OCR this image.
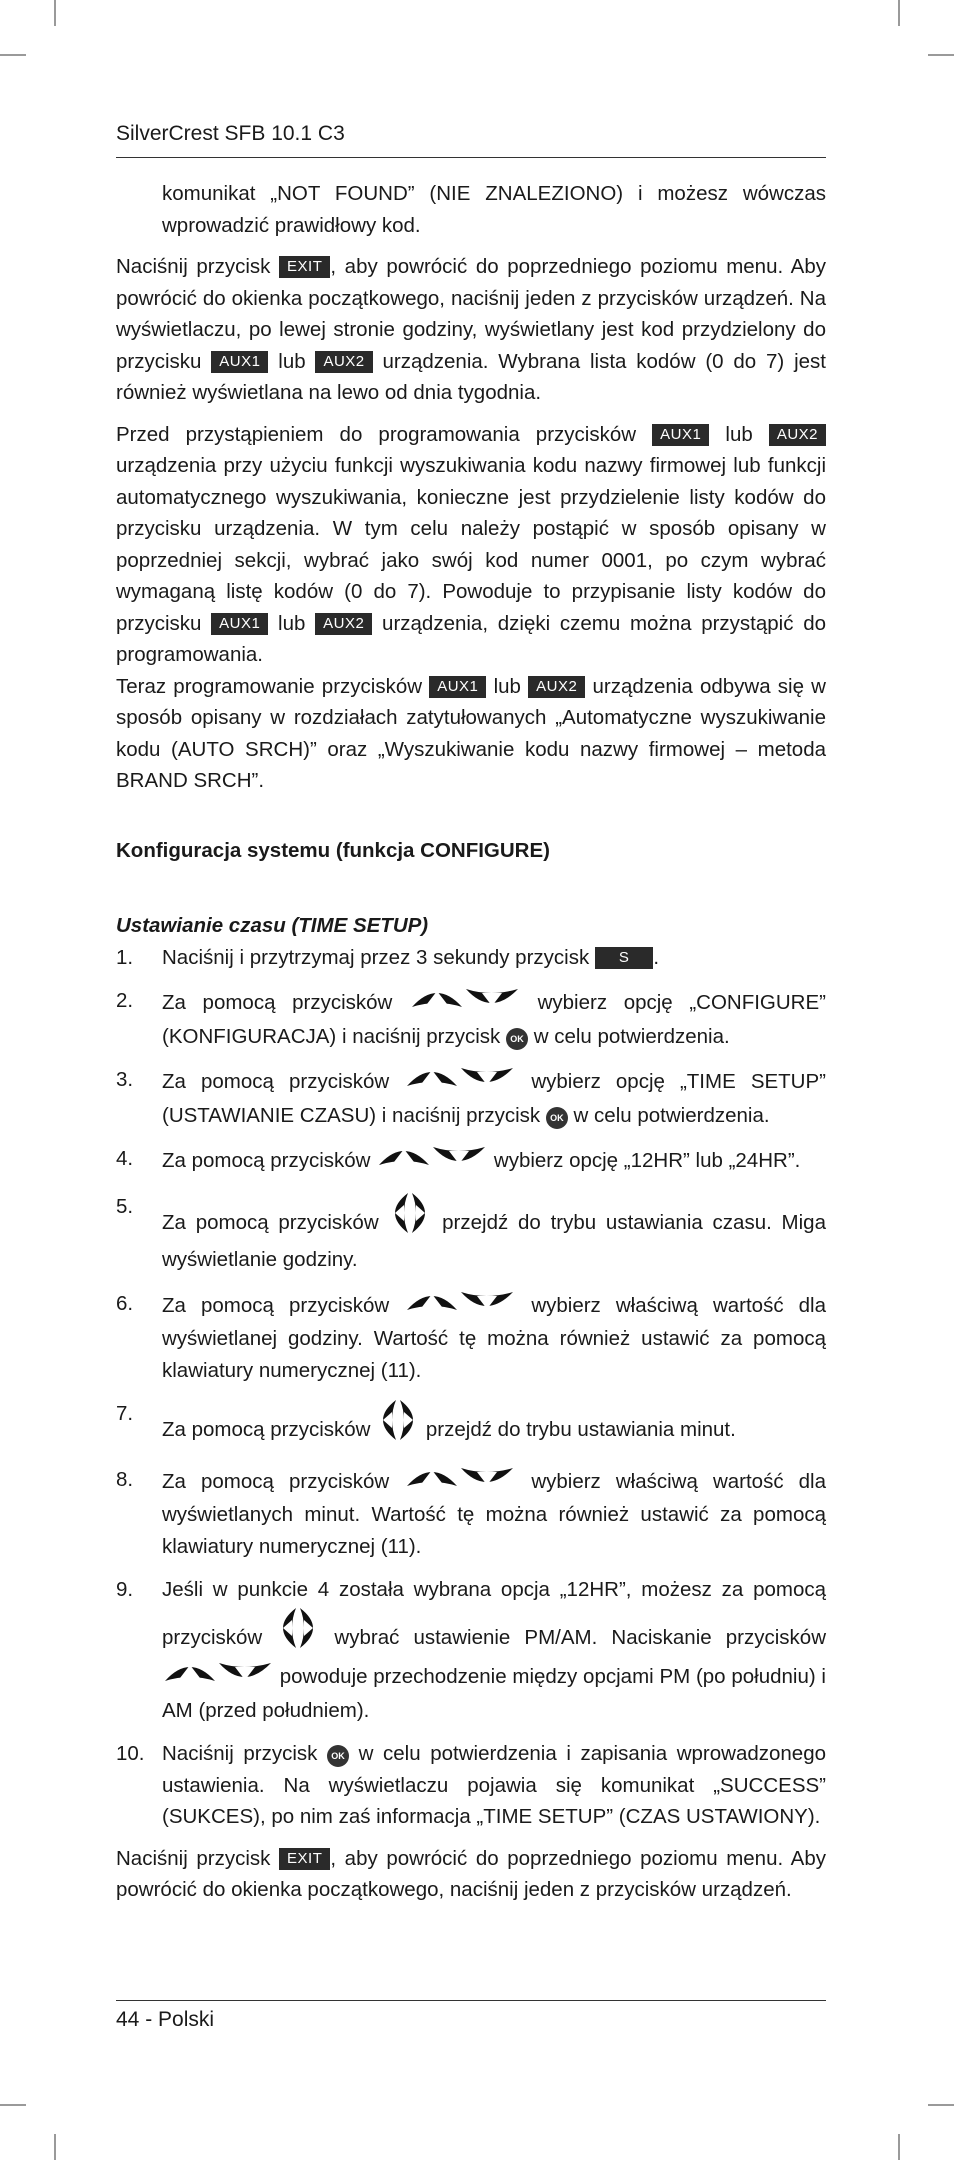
SilverCrest SFB 10.1 C3

komunikat „NOT FOUND” (NIE ZNALEZIONO) i możesz wówczas wprowadzić prawidłowy kod.

Naciśnij przycisk EXIT , aby powrócić do poprzedniego poziomu menu. Aby powrócić do okienka początkowego, naciśnij jeden z przycisków urządzeń. Na wyświetlaczu, po lewej stronie godziny, wyświetlany jest kod przydzielony do przycisku AUX1 lub AUX2 urządzenia. Wybrana lista kodów (0 do 7) jest również wyświetlana na lewo od dnia tygodnia.

Przed przystąpieniem do programowania przycisków AUX1 lub AUX2 urządzenia przy użyciu funkcji wyszukiwania kodu nazwy firmowej lub funkcji automatycznego wyszukiwania, konieczne jest przydzielenie listy kodów do przycisku urządzenia. W tym celu należy postąpić w sposób opisany w poprzedniej sekcji, wybrać jako swój kod numer 0001, po czym wybrać wymaganą listę kodów (0 do 7). Powoduje to przypisanie listy kodów do przycisku AUX1 lub AUX2 urządzenia, dzięki czemu można przystąpić do programowania.

Teraz programowanie przycisków AUX1 lub AUX2 urządzenia odbywa się w sposób opisany w rozdziałach zatytułowanych „Automatyczne wyszukiwanie kodu (AUTO SRCH)” oraz „Wyszukiwanie kodu nazwy firmowej – metoda BRAND SRCH”.

Konfiguracja systemu (funkcja CONFIGURE)

Ustawianie czasu (TIME SETUP)

1. Naciśnij i przytrzymaj przez 3 sekundy przycisk S .
2. Za pomocą przycisków	wybierz opcję „CONFIGURE” (KONFIGURACJA) i naciśnij przycisk OK w celu potwierdzenia.
3. Za pomocą przycisków	wybierz opcję „TIME SETUP” (USTAWIANIE CZASU) i naciśnij przycisk OK w celu potwierdzenia.
4. Za pomocą przycisków	wybierz opcję „12HR” lub „24HR”.
5.
Za pomocą przycisków  przejdź do trybu ustawiania czasu. Miga wyświetlanie godziny.
6. Za pomocą przycisków	wybierz właściwą wartość dla wyświetlanej godziny. Wartość tę można również ustawić za pomocą klawiatury numerycznej (11).
7.
Za pomocą przycisków  przejdź do trybu ustawiania minut.
8. Za pomocą przycisków	wybierz właściwą wartość dla wyświetlanych minut. Wartość tę można również ustawić za pomocą klawiatury numerycznej (11).
9. Jeśli w punkcie 4 została wybrana opcja „12HR”, możesz za pomocą przycisków  wybrać ustawienie PM/AM. Naciskanie przycisków  powoduje przechodzenie między opcjami PM (po południu) i AM (przed południem).
10. Naciśnij przycisk OK w celu potwierdzenia i zapisania wprowadzonego ustawienia. Na wyświetlaczu pojawia się komunikat „SUCCESS” (SUKCES), po nim zaś informacja „TIME SETUP” (CZAS USTAWIONY).

Naciśnij przycisk EXIT , aby powrócić do poprzedniego poziomu menu. Aby powrócić do okienka początkowego, naciśnij jeden z przycisków urządzeń.

44 - Polski
